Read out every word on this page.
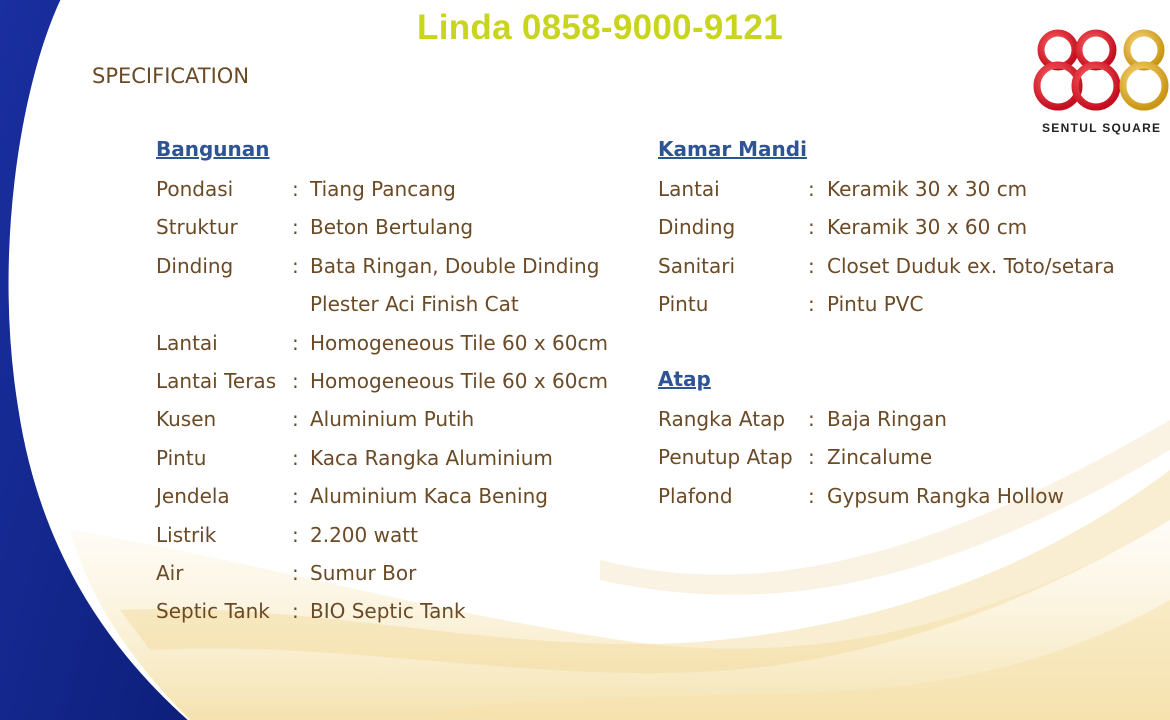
Linda 0858-9000-9121
SPECIFICATION
SENTUL SQUARE
Bangunan
Pondasi	: Tiang Pancang
Struktur	: Beton Bertulang
Dinding	: Bata Ringan, Double Dinding
Plester Aci Finish Cat
Lantai	: Homogeneous Tile 60 x 60cm
Lantai Teras : Homogeneous Tile 60 x 60cm
Kusen	: Aluminium Putih
Pintu	: Kaca Rangka Aluminium
Jendela	: Aluminium Kaca Bening
Listrik	: 2.200 watt
Air	: Sumur Bor
Septic Tank : BIO Septic Tank
Kamar Mandi
Lantai	: Keramik 30 x 30 cm
Dinding	: Keramik 30 x 60 cm
Sanitari	: Closet Duduk ex. Toto/setara
Pintu	: Pintu PVC
Atap
Rangka Atap : Baja Ringan
Penutup Atap : Zincalume
Plafond	: Gypsum Rangka Hollow
